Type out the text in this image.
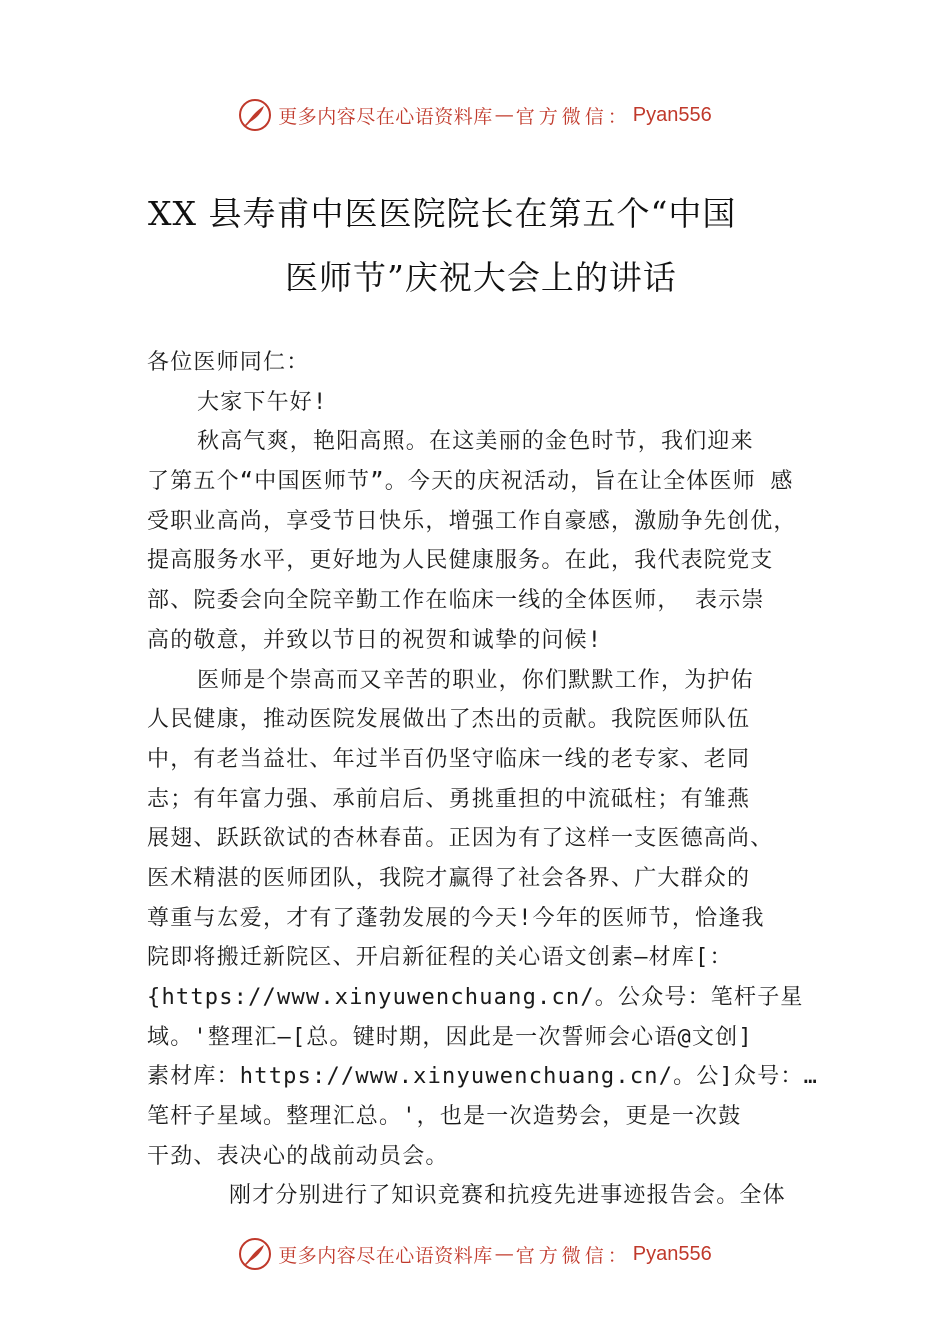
更多内容尽在心语资料库 — 官方微信： Pyan556
XX 县寿甫中医医院院长在第五个“中国
医师节”庆祝大会上的讲话
各位医师同仁：
大家下午好!
秋高气爽，艳阳高照。在这美丽的金色时节，我们迎来
了第五个“中国医师节”。今天的庆祝活动，旨在让全体医师 感
受职业高尚，享受节日快乐，增强工作自豪感，激励争先创优，
提高服务水平，更好地为人民健康服务。在此，我代表院党支
部、院委会向全院辛勤工作在临床一线的全体医师， 表示崇
高的敬意，并致以节日的祝贺和诚挚的问候!
医师是个崇高而又辛苦的职业，你们默默工作，为护佑
人民健康，推动医院发展做出了杰出的贡献。我院医师队伍
中，有老当益壮、年过半百仍坚守临床一线的老专家、老同
志；有年富力强、承前启后、勇挑重担的中流砥柱；有雏燕
展翅、跃跃欲试的杏林春苗。正因为有了这样一支医德高尚、
医术精湛的医师团队，我院才赢得了社会各界、广大群众的
尊重与厷爱，才有了蓬勃发展的今天!今年的医师节，恰逢我
院即将搬迁新院区、开启新征程的关心语文创素—材库[：
{https://www.xinyuwenchuang.cn/。公众号：笔杆子星
域。'整理汇—[总。键时期，因此是一次誓师会心语@文创]
素材库：https://www.xinyuwenchuang.cn/。公]众号：…
笔杆子星域。整理汇总。'，也是一次造势会，更是一次鼓
干劲、表决心的战前动员会。
刚才分别进行了知识竞赛和抗疫先进事迹报告会。全体
更多内容尽在心语资料库 — 官方微信： Pyan556
